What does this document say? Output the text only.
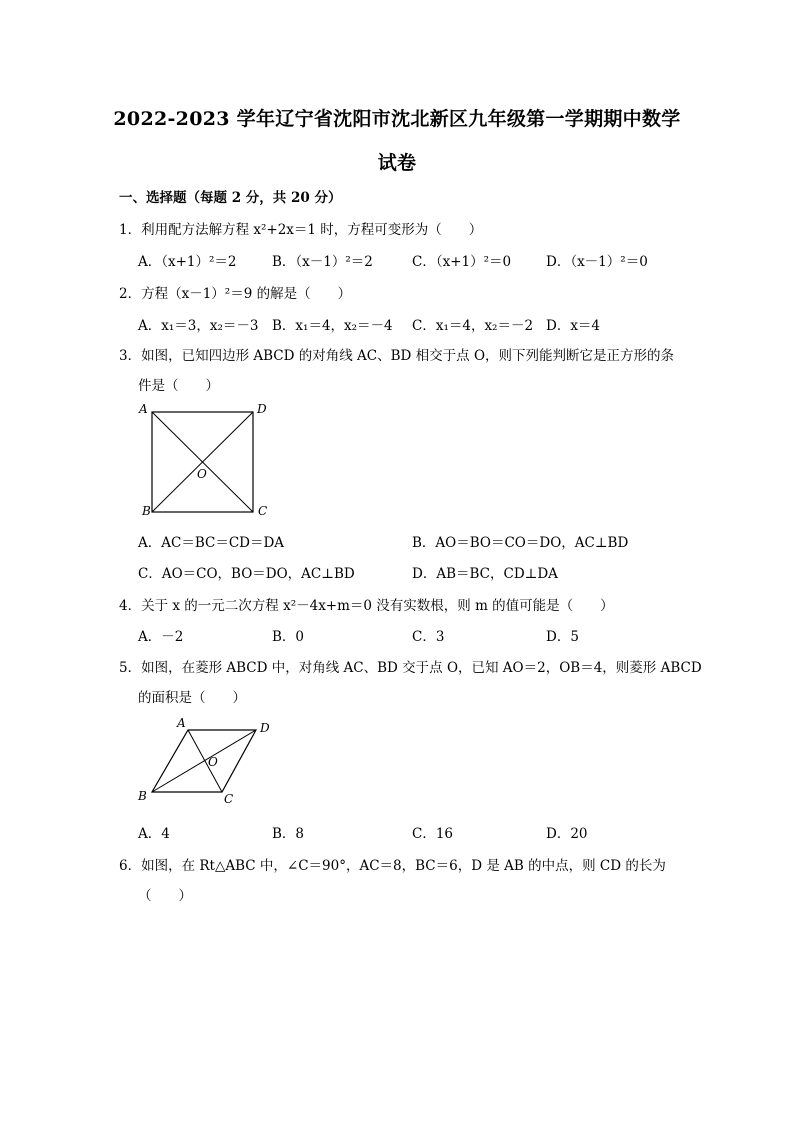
2022-2023 学年辽宁省沈阳市沈北新区九年级第一学期期中数学
试卷
一、选择题（每题 2 分，共 20 分）
1．利用配方法解方程 x²+2x＝1 时，方程可变形为（　　）
A．（x+1）²＝2	B．（x－1）²＝2	C．（x+1）²＝0	D．（x－1）²＝0
2．方程（x－1）²＝9 的解是（　　）
A．x₁＝3，x₂＝－3 B．x₁＝4，x₂＝－4 C．x₁＝4，x₂＝－2 D．x＝4
3．如图，已知四边形 ABCD 的对角线 AC、BD 相交于点 O，则下列能判断它是正方形的条
件是（　　）
A	D
O
B	C
A．AC＝BC＝CD＝DA	B．AO＝BO＝CO＝DO，AC⊥BD
C．AO＝CO，BO＝DO，AC⊥BD	D．AB＝BC，CD⊥DA
4．关于 x 的一元二次方程 x²－4x+m＝0 没有实数根，则 m 的值可能是（　　）
A．－2	B．0	C．3	D．5
5．如图，在菱形 ABCD 中，对角线 AC、BD 交于点 O，已知 AO＝2，OB＝4，则菱形 ABCD
的面积是（　　）
A	D
O
B	C
A．4	B．8	C．16	D．20
6．如图，在 Rt△ABC 中，∠C＝90°，AC＝8，BC＝6，D 是 AB 的中点，则 CD 的长为
（　　）
